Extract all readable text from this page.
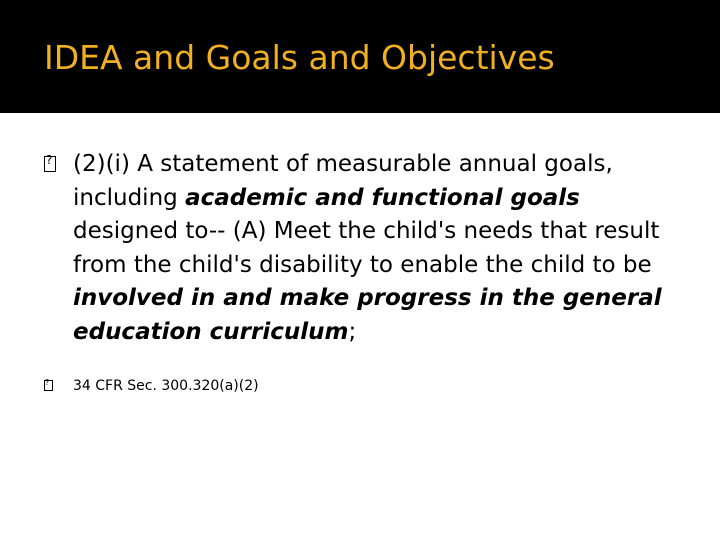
IDEA and Goals and Objectives
?
(2)(i) A statement of measurable annual goals, including academic and functional goals designed to-- (A) Meet the child's needs that result from the child's disability to enable the child to be involved in and make progress in the general education curriculum;
?34 CFR Sec. 300.320(a)(2)
